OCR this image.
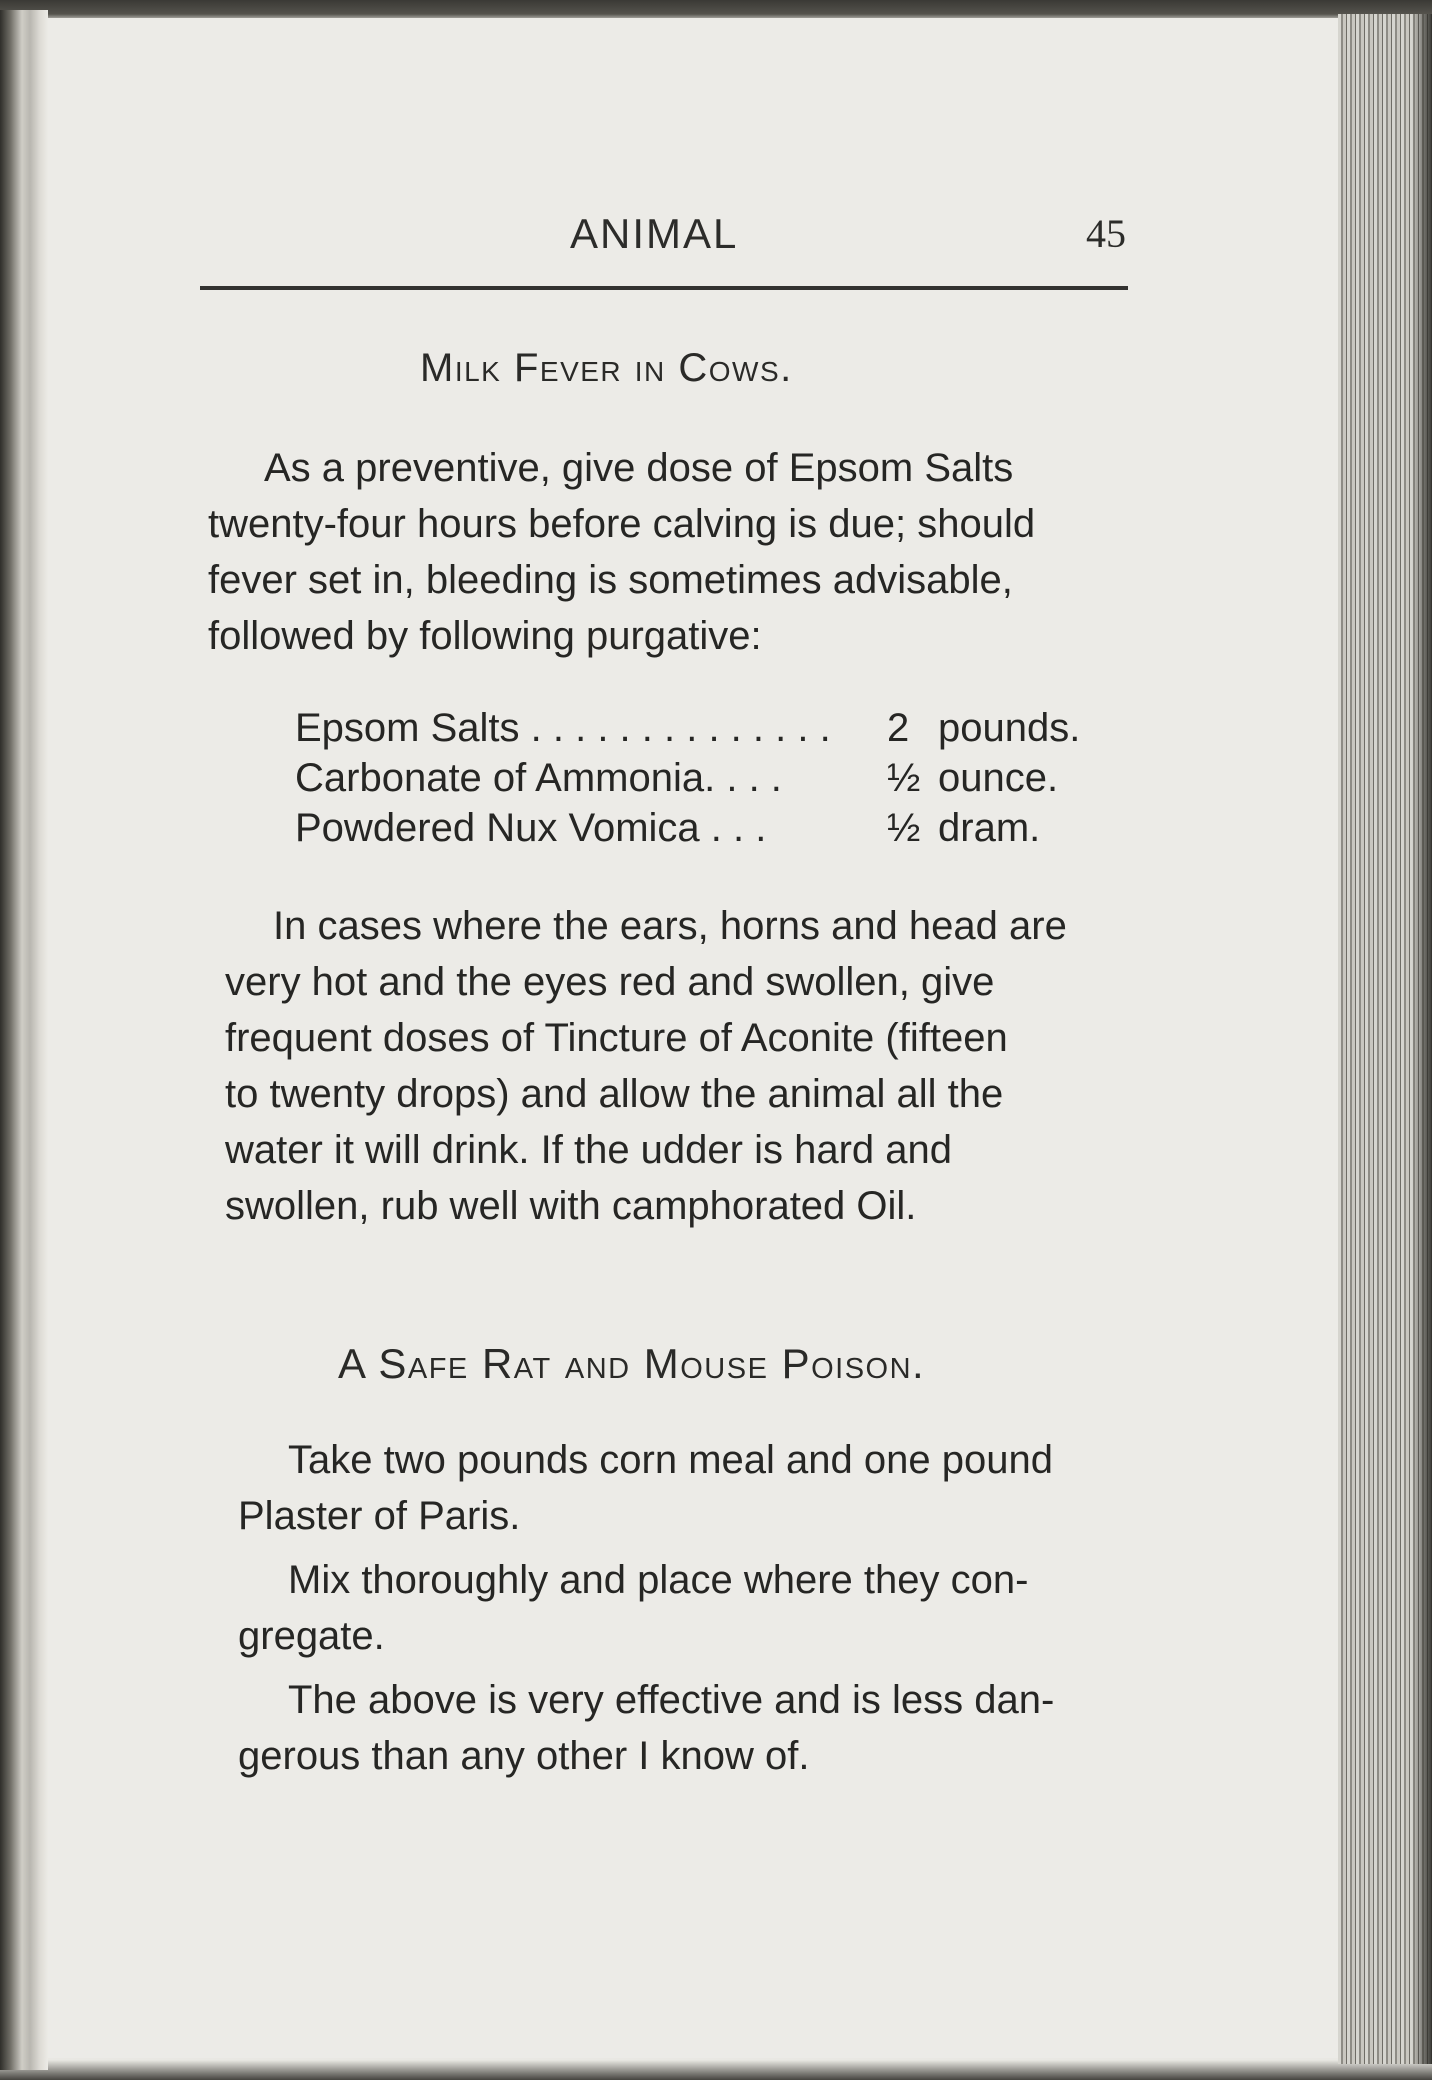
ANIMAL	45
Milk Fever in Cows.
As a preventive, give dose of Epsom Salts
twenty-four hours before calving is due; should
fever set in, bleeding is sometimes advisable,
followed by following purgative:
Epsom Salts . . . . . . . . . . . . . . 2 pounds.
Carbonate of Ammonia. . . .	½ ounce.
Powdered Nux Vomica . . .	½ dram.
In cases where the ears, horns and head are
very hot and the eyes red and swollen, give
frequent doses of Tincture of Aconite (fifteen
to twenty drops) and allow the animal all the
water it will drink. If the udder is hard and
swollen, rub well with camphorated Oil.
A Safe Rat and Mouse Poison.
Take two pounds corn meal and one pound
Plaster of Paris.
Mix thoroughly and place where they con-
gregate.
The above is very effective and is less dan-
gerous than any other I know of.
